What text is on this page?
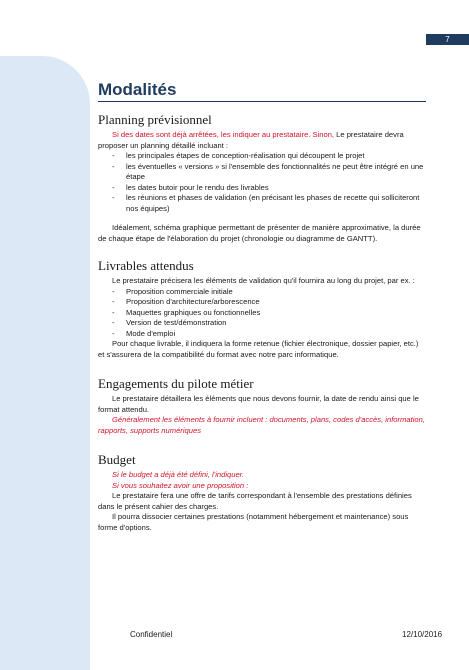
7
Modalités
Planning prévisionnel

Si des dates sont déjà arrêtées, les indiquer au prestataire. Sinon, Le prestataire devra proposer un planning détaillé incluant :

- les principales étapes de conception-réalisation qui découpent le projet
- les éventuelles « versions » si l'ensemble des fonctionnalités ne peut être intégré en une étape
- les dates butoir pour le rendu des livrables
- les réunions et phases de validation (en précisant les phases de recette qui solliciteront nos équipes)

Idéalement, schéma graphique permettant de présenter de manière approximative, la durée de chaque étape de l'élaboration du projet (chronologie ou diagramme de GANTT).

Livrables attendus

Le prestataire précisera les éléments de validation qu'il fournira au long du projet, par ex. :

- Proposition commerciale initiale
- Proposition d'architecture/arborescence
- Maquettes graphiques ou fonctionnelles
- Version de test/démonstration
- Mode d'emploi

Pour chaque livrable, il indiquera la forme retenue (fichier électronique, dossier papier, etc.) et s'assurera de la compatibilité du format avec notre parc informatique.

Engagements du pilote métier

Le prestataire détaillera les éléments que nous devons fournir, la date de rendu ainsi que le format attendu.

Généralement les éléments à fournir incluent : documents, plans, codes d'accès, information, rapports, supports numériques

Budget

Si le budget a déjà été défini, l'indiquer.

Si vous souhaitez avoir une proposition :

Le prestataire fera une offre de tarifs correspondant à l'ensemble des prestations définies dans le présent cahier des charges.

Il pourra dissocier certaines prestations (notamment hébergement et maintenance) sous forme d'options.

Confidentiel	12/10/2016
